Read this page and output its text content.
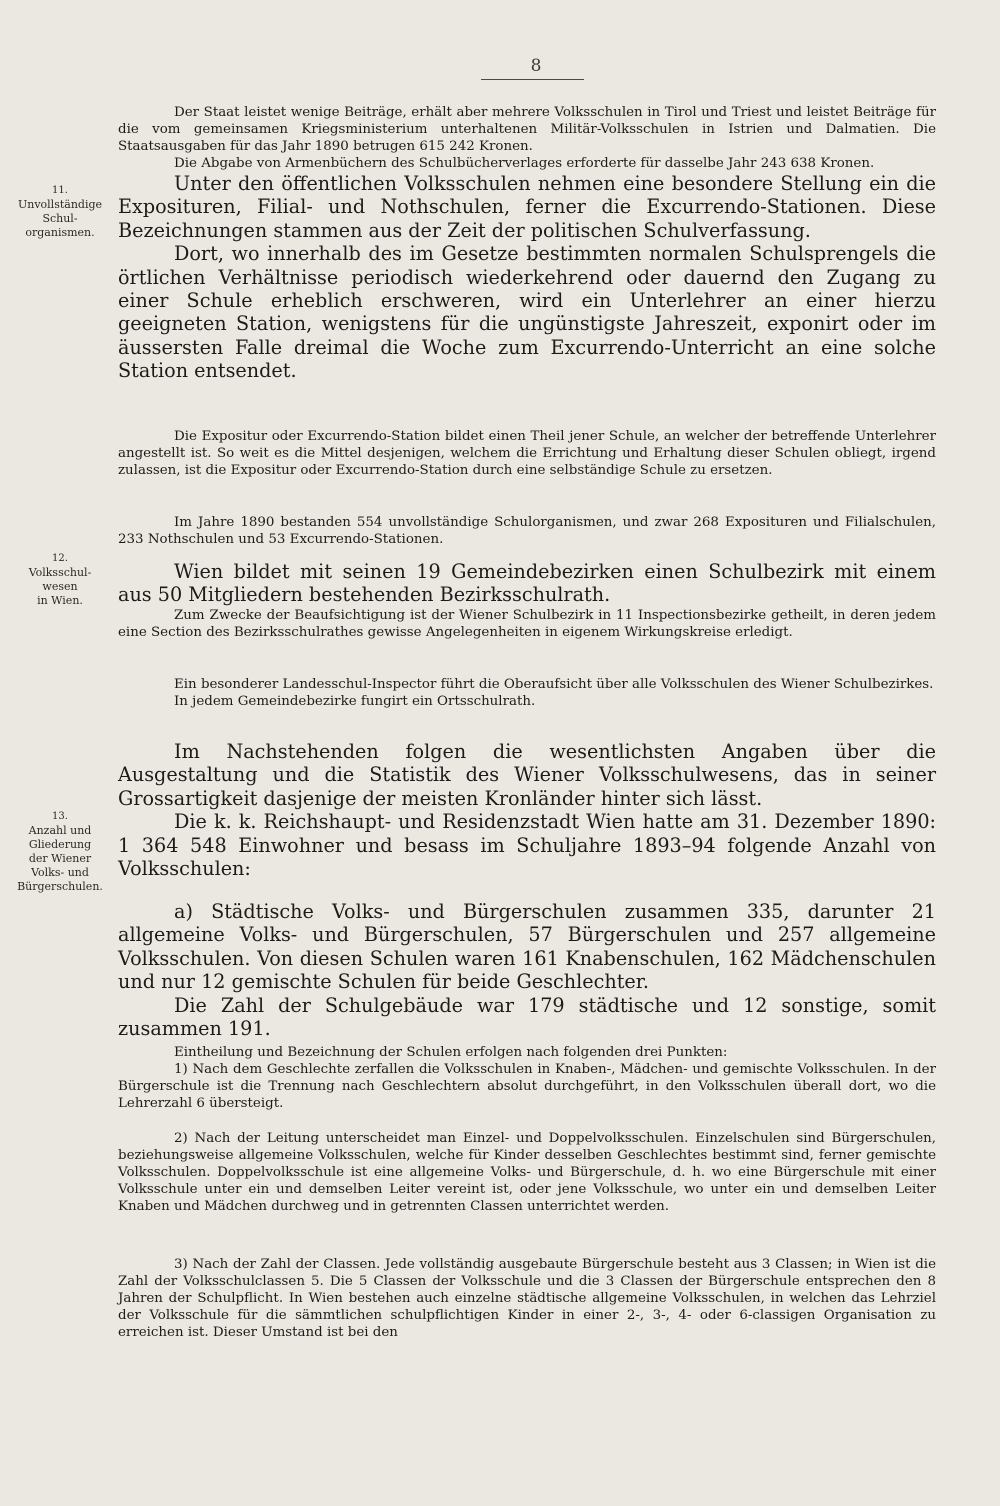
8
11.
Unvollständige
Schul-
organismen.
12.
Volksschul-
wesen
in Wien.
13.
Anzahl und
Gliederung
der Wiener
Volks- und
Bürgerschulen.

Der Staat leistet wenige Beiträge, erhält aber mehrere Volksschulen in Tirol und Triest und leistet Beiträge für die vom gemeinsamen Kriegsministerium unterhaltenen Militär-Volksschulen in Istrien und Dalmatien. Die Staatsausgaben für das Jahr 1890 betrugen 615 242 Kronen.

Die Abgabe von Armenbüchern des Schulbücherverlages erforderte für dasselbe Jahr 243 638 Kronen.

Unter den öffentlichen Volksschulen nehmen eine besondere Stellung ein die Exposituren, Filial- und Nothschulen, ferner die Excurrendo-Stationen. Diese Bezeichnungen stammen aus der Zeit der politischen Schulverfassung.

Dort, wo innerhalb des im Gesetze bestimmten normalen Schulsprengels die örtlichen Verhältnisse periodisch wiederkehrend oder dauernd den Zugang zu einer Schule erheblich erschweren, wird ein Unterlehrer an einer hierzu geeigneten Station, wenigstens für die ungünstigste Jahreszeit, exponirt oder im äussersten Falle dreimal die Woche zum Excurrendo-Unterricht an eine solche Station entsendet.

Die Expositur oder Excurrendo-Station bildet einen Theil jener Schule, an welcher der betreffende Unterlehrer angestellt ist. So weit es die Mittel desjenigen, welchem die Errichtung und Erhaltung dieser Schulen obliegt, irgend zulassen, ist die Expositur oder Excurrendo-Station durch eine selbständige Schule zu ersetzen.

Im Jahre 1890 bestanden 554 unvollständige Schulorganismen, und zwar 268 Exposituren und Filialschulen, 233 Nothschulen und 53 Excurrendo-Stationen.

Wien bildet mit seinen 19 Gemeindebezirken einen Schulbezirk mit einem aus 50 Mitgliedern bestehenden Bezirksschulrath.

Zum Zwecke der Beaufsichtigung ist der Wiener Schulbezirk in 11 Inspectionsbezirke getheilt, in deren jedem eine Section des Bezirksschulrathes gewisse Angelegenheiten in eigenem Wirkungskreise erledigt.

Ein besonderer Landesschul-Inspector führt die Oberaufsicht über alle Volksschulen des Wiener Schulbezirkes.

In jedem Gemeindebezirke fungirt ein Ortsschulrath.

Im Nachstehenden folgen die wesentlichsten Angaben über die Ausgestaltung und die Statistik des Wiener Volksschulwesens, das in seiner Grossartigkeit dasjenige der meisten Kronländer hinter sich lässt.

Die k. k. Reichshaupt- und Residenzstadt Wien hatte am 31. Dezember 1890: 1 364 548 Einwohner und besass im Schuljahre 1893–94 folgende Anzahl von Volksschulen:

a) Städtische Volks- und Bürgerschulen zusammen 335, darunter 21 allgemeine Volks- und Bürgerschulen, 57 Bürgerschulen und 257 allgemeine Volksschulen. Von diesen Schulen waren 161 Knabenschulen, 162 Mädchenschulen und nur 12 gemischte Schulen für beide Geschlechter.

Die Zahl der Schulgebäude war 179 städtische und 12 sonstige, somit zusammen 191.

Eintheilung und Bezeichnung der Schulen erfolgen nach folgenden drei Punkten:

1) Nach dem Geschlechte zerfallen die Volksschulen in Knaben-, Mädchen- und gemischte Volksschulen. In der Bürgerschule ist die Trennung nach Geschlechtern absolut durchgeführt, in den Volksschulen überall dort, wo die Lehrerzahl 6 übersteigt.

2) Nach der Leitung unterscheidet man Einzel- und Doppelvolksschulen. Einzelschulen sind Bürgerschulen, beziehungsweise allgemeine Volksschulen, welche für Kinder desselben Geschlechtes bestimmt sind, ferner gemischte Volksschulen. Doppelvolksschule ist eine allgemeine Volks- und Bürgerschule, d. h. wo eine Bürgerschule mit einer Volksschule unter ein und demselben Leiter vereint ist, oder jene Volksschule, wo unter ein und demselben Leiter Knaben und Mädchen durchweg und in getrennten Classen unterrichtet werden.

3) Nach der Zahl der Classen. Jede vollständig ausgebaute Bürgerschule besteht aus 3 Classen; in Wien ist die Zahl der Volksschulclassen 5. Die 5 Classen der Volksschule und die 3 Classen der Bürgerschule entsprechen den 8 Jahren der Schulpflicht. In Wien bestehen auch einzelne städtische allgemeine Volksschulen, in welchen das Lehrziel der Volksschule für die sämmtlichen schulpflichtigen Kinder in einer 2-, 3-, 4- oder 6-classigen Organisation zu erreichen ist. Dieser Umstand ist bei den
